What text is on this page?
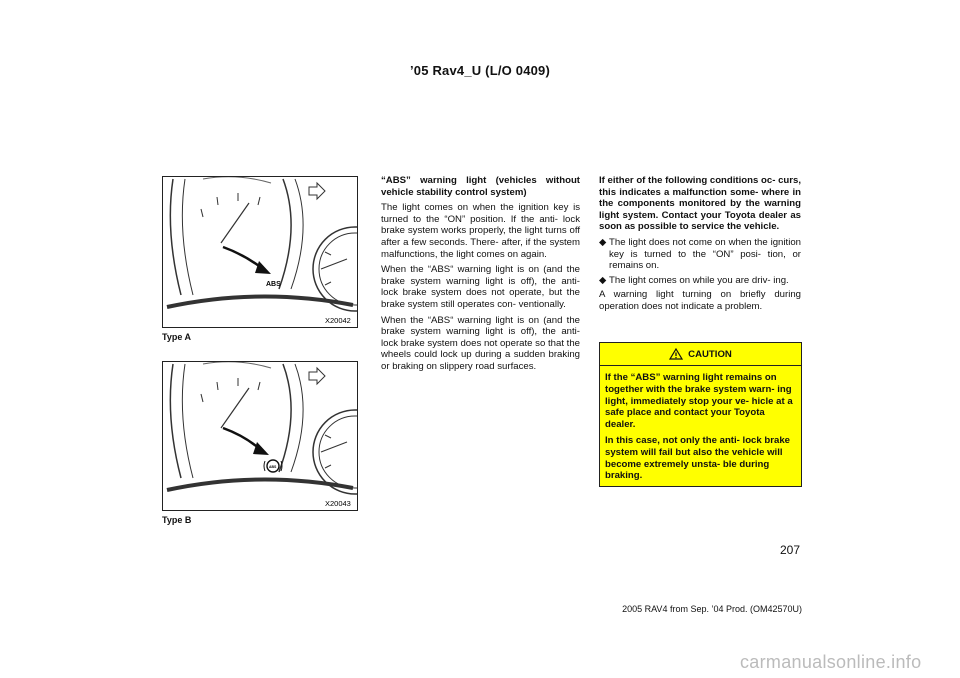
’05 Rav4_U (L/O 0409)
ABS
X20042
Type A
ABS
X20043
Type B
“ABS” warning light (vehicles without vehicle stability control system)

The light comes on when the ignition key is turned to the “ON” position. If the anti- lock brake system works properly, the light turns off after a few seconds. There- after, if the system malfunctions, the light comes on again.

When the “ABS“ warning light is on (and the brake system warning light is off), the anti- lock brake system does not operate, but the brake system still operates con- ventionally.

When the “ABS“ warning light is on (and the brake system warning light is off), the anti- lock brake system does not operate so that the wheels could lock up during a sudden braking or braking on slippery road surfaces.

If either of the following conditions oc- curs, this indicates a malfunction some- where in the components monitored by the warning light system. Contact your Toyota dealer as soon as possible to service the vehicle.

◆ The light does not come on when the ignition key is turned to the “ON” posi- tion, or remains on.
◆ The light comes on while you are driv- ing.

A warning light turning on briefly during operation does not indicate a problem.

CAUTION

If the “ABS” warning light remains on together with the brake system warn- ing light, immediately stop your ve- hicle at a safe place and contact your Toyota dealer.

In this case, not only the anti- lock brake system will fail but also the vehicle will become extremely unsta- ble during braking.

207
2005 RAV4 from Sep. ’04 Prod. (OM42570U)
carmanualsonline.info
